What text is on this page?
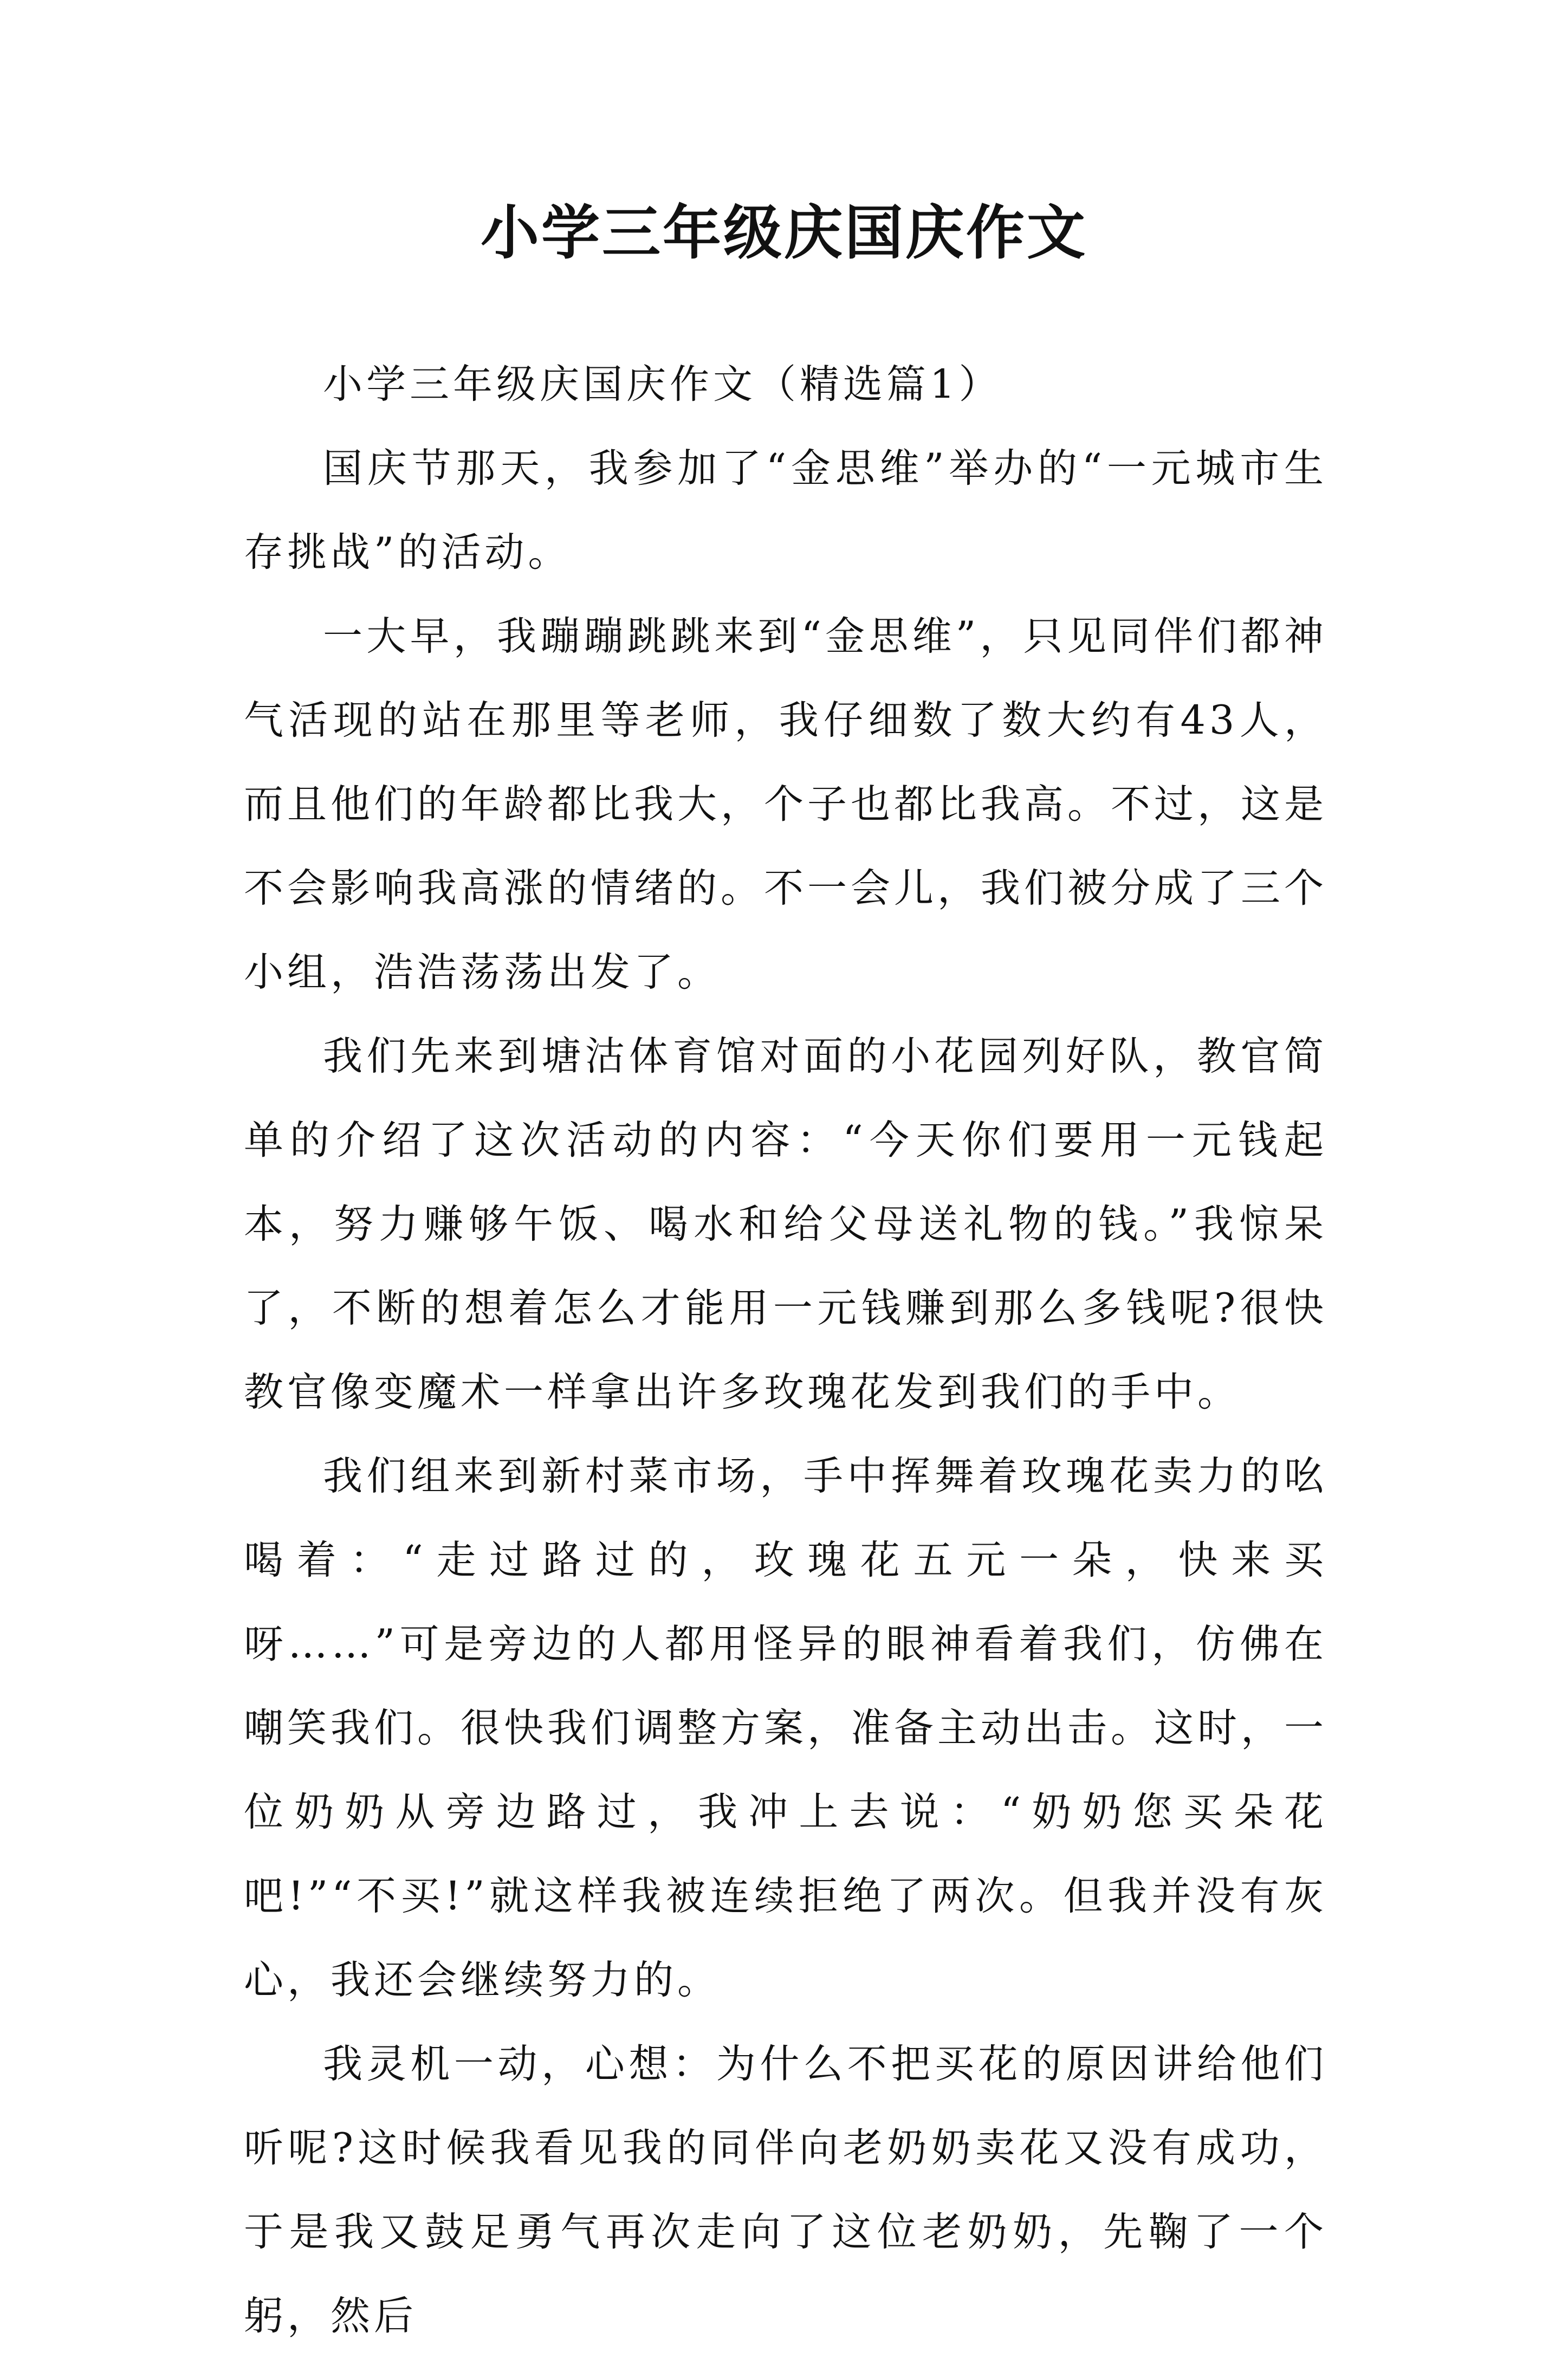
小学三年级庆国庆作文

小学三年级庆国庆作文（精选篇1）

国庆节那天，我参加了“金思维”举办的“一元城市生存挑战”的活动。

一大早，我蹦蹦跳跳来到“金思维”，只见同伴们都神气活现的站在那里等老师，我仔细数了数大约有43人，而且他们的年龄都比我大，个子也都比我高。不过，这是不会影响我高涨的情绪的。不一会儿，我们被分成了三个小组，浩浩荡荡出发了。

我们先来到塘沽体育馆对面的小花园列好队，教官简单的介绍了这次活动的内容：“今天你们要用一元钱起本，努力赚够午饭、喝水和给父母送礼物的钱。”我惊呆了，不断的想着怎么才能用一元钱赚到那么多钱呢?很快教官像变魔术一样拿出许多玫瑰花发到我们的手中。

我们组来到新村菜市场，手中挥舞着玫瑰花卖力的吆喝着：“走过路过的，玫瑰花五元一朵，快来买呀……”可是旁边的人都用怪异的眼神看着我们，仿佛在嘲笑我们。很快我们调整方案，准备主动出击。这时，一位奶奶从旁边路过，我冲上去说：“奶奶您买朵花吧!”“不买!”就这样我被连续拒绝了两次。但我并没有灰心，我还会继续努力的。

我灵机一动，心想：为什么不把买花的原因讲给他们听呢?这时候我看见我的同伴向老奶奶卖花又没有成功，于是我又鼓足勇气再次走向了这位老奶奶，先鞠了一个躬，然后
